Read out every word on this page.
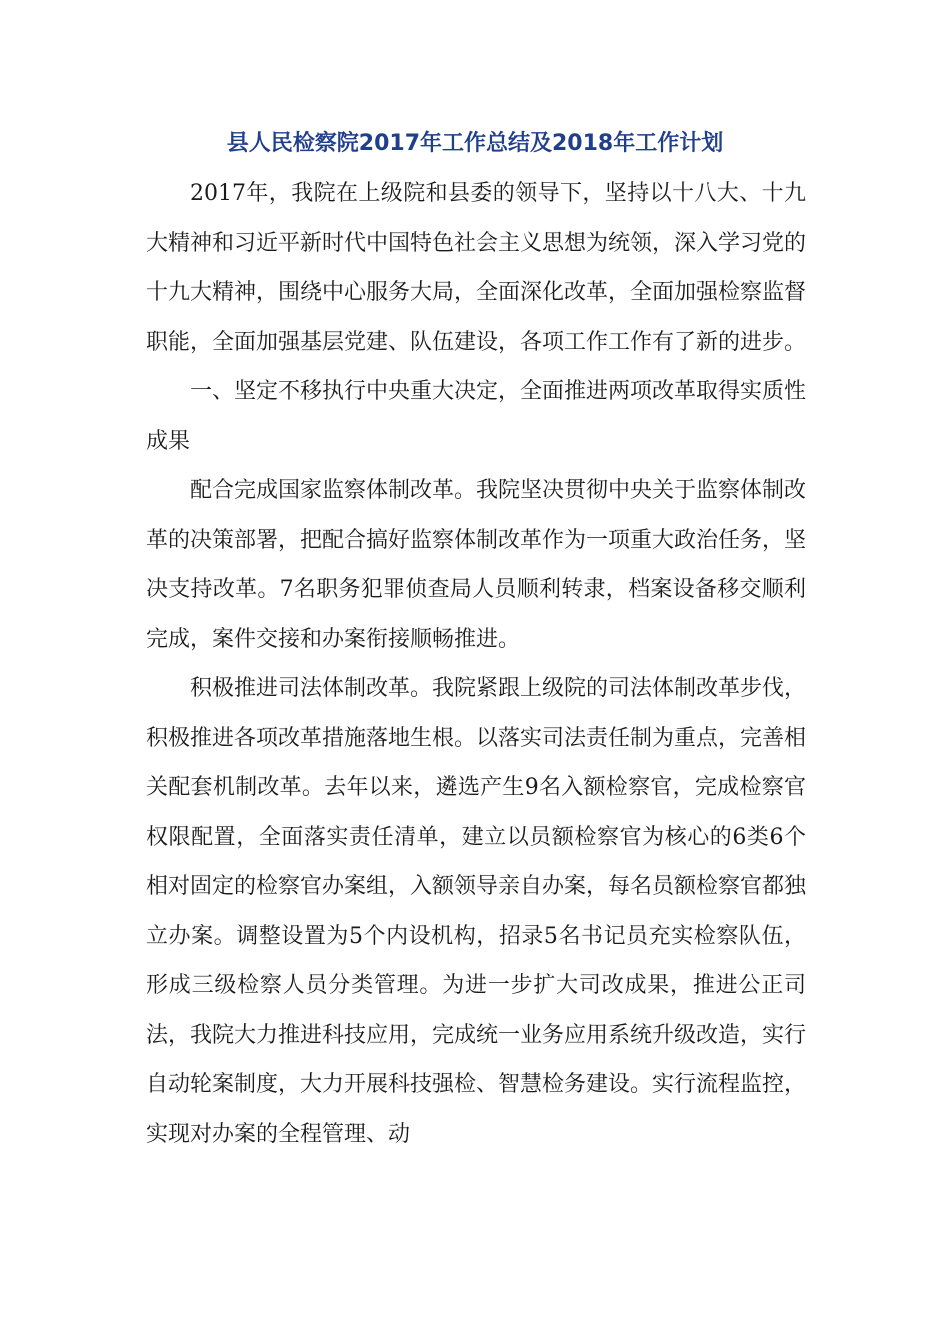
县人民检察院2017年工作总结及2018年工作计划

2017年，我院在上级院和县委的领导下，坚持以十八大、十九大精神和习近平新时代中国特色社会主义思想为统领，深入学习党的十九大精神，围绕中心服务大局，全面深化改革，全面加强检察监督职能，全面加强基层党建、队伍建设，各项工作工作有了新的进步。

一、坚定不移执行中央重大决定，全面推进两项改革取得实质性成果

配合完成国家监察体制改革。我院坚决贯彻中央关于监察体制改革的决策部署，把配合搞好监察体制改革作为一项重大政治任务，坚决支持改革。7名职务犯罪侦查局人员顺利转隶，档案设备移交顺利完成，案件交接和办案衔接顺畅推进。

积极推进司法体制改革。我院紧跟上级院的司法体制改革步伐，积极推进各项改革措施落地生根。以落实司法责任制为重点，完善相关配套机制改革。去年以来，遴选产生9名入额检察官，完成检察官权限配置，全面落实责任清单，建立以员额检察官为核心的6类6个相对固定的检察官办案组，入额领导亲自办案，每名员额检察官都独立办案。调整设置为5个内设机构，招录5名书记员充实检察队伍，形成三级检察人员分类管理。为进一步扩大司改成果，推进公正司法，我院大力推进科技应用，完成统一业务应用系统升级改造，实行自动轮案制度，大力开展科技强检、智慧检务建设。实行流程监控，实现对办案的全程管理、动
